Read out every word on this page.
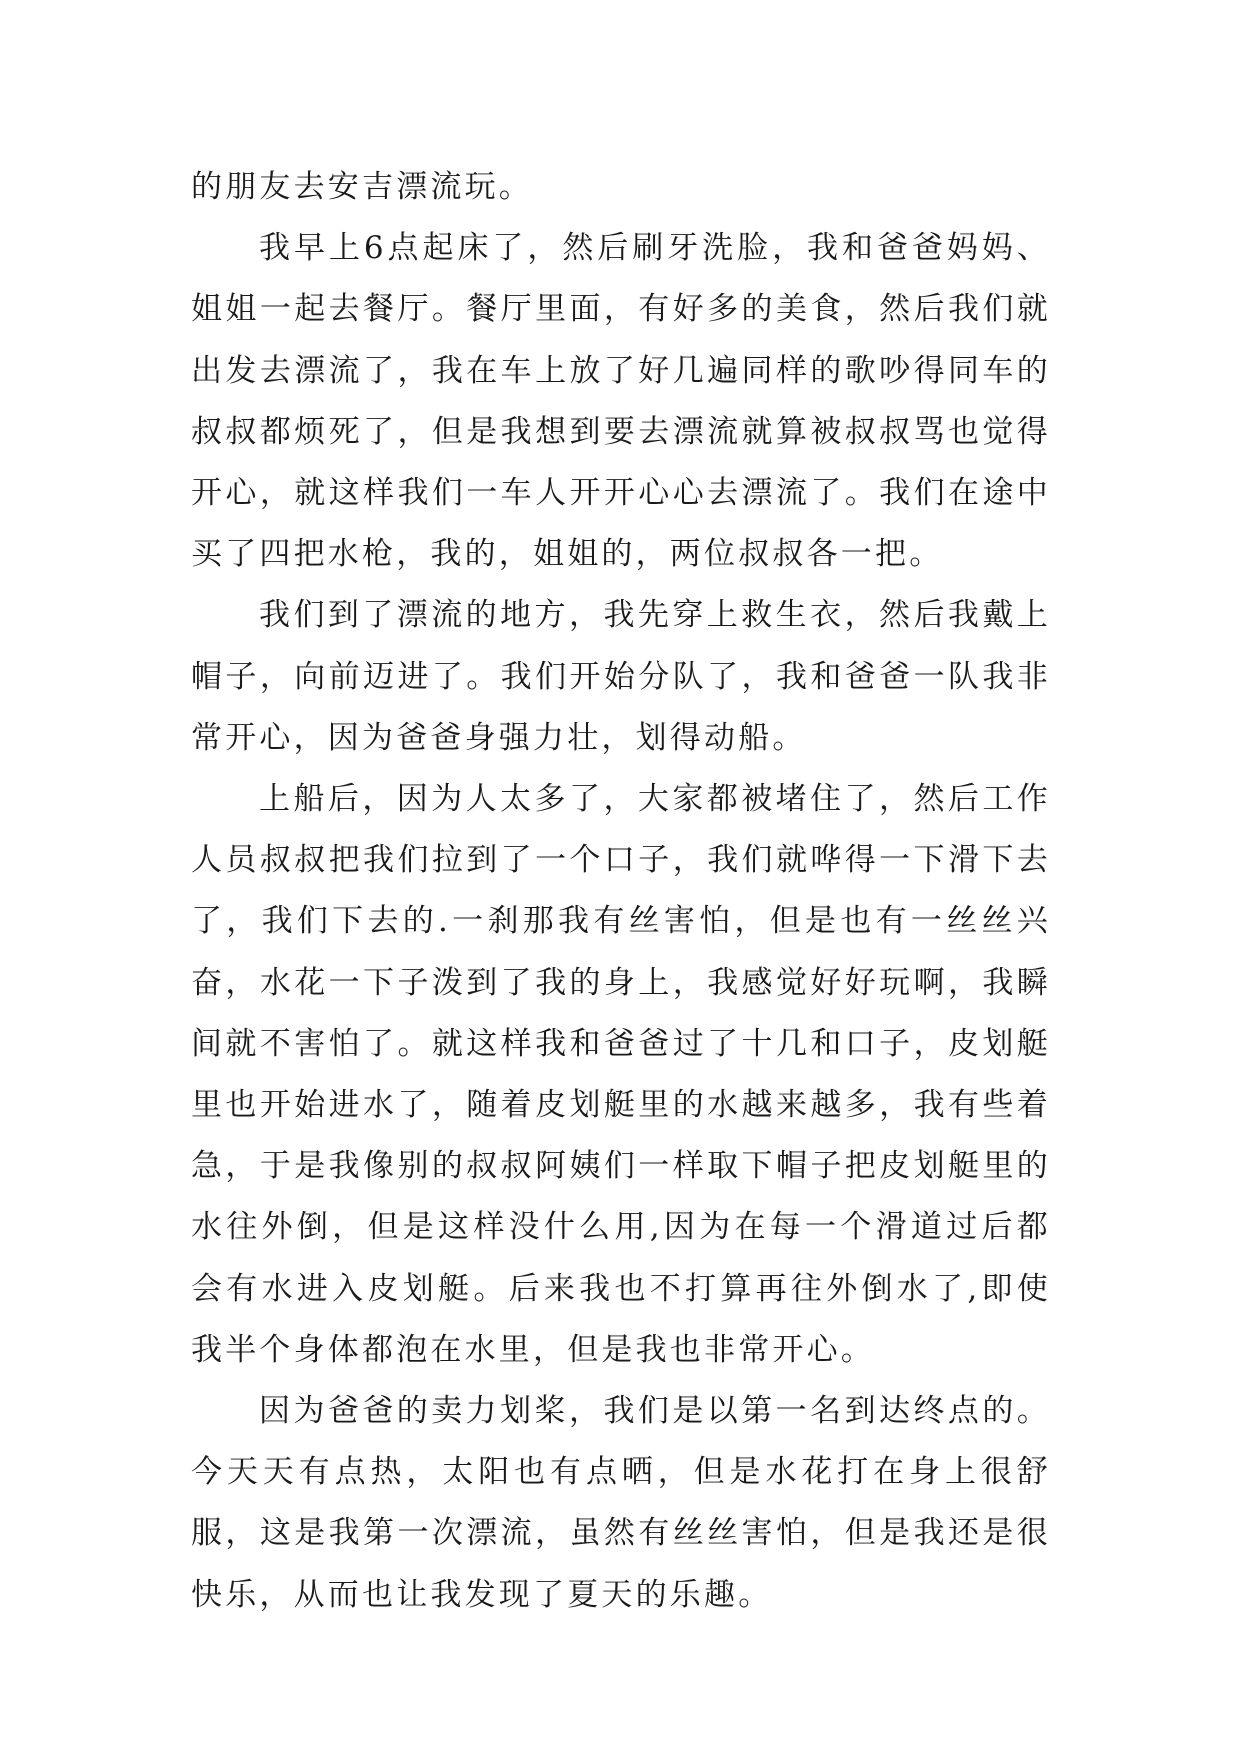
的朋友去安吉漂流玩。

我早上6点起床了，然后刷牙洗脸，我和爸爸妈妈、姐姐一起去餐厅。餐厅里面，有好多的美食，然后我们就出发去漂流了，我在车上放了好几遍同样的歌吵得同车的叔叔都烦死了，但是我想到要去漂流就算被叔叔骂也觉得开心，就这样我们一车人开开心心去漂流了。我们在途中买了四把水枪，我的，姐姐的，两位叔叔各一把。

我们到了漂流的地方，我先穿上救生衣，然后我戴上帽子，向前迈进了。我们开始分队了，我和爸爸一队我非常开心，因为爸爸身强力壮，划得动船。

上船后，因为人太多了，大家都被堵住了，然后工作人员叔叔把我们拉到了一个口子，我们就哗得一下滑下去了，我们下去的.一刹那我有丝害怕，但是也有一丝丝兴奋，水花一下子泼到了我的身上，我感觉好好玩啊，我瞬间就不害怕了。就这样我和爸爸过了十几和口子，皮划艇里也开始进水了，随着皮划艇里的水越来越多，我有些着急，于是我像别的叔叔阿姨们一样取下帽子把皮划艇里的水往外倒，但是这样没什么用,因为在每一个滑道过后都会有水进入皮划艇。后来我也不打算再往外倒水了,即使我半个身体都泡在水里，但是我也非常开心。

因为爸爸的卖力划桨，我们是以第一名到达终点的。今天天有点热，太阳也有点晒，但是水花打在身上很舒服，这是我第一次漂流，虽然有丝丝害怕，但是我还是很快乐，从而也让我发现了夏天的乐趣。
